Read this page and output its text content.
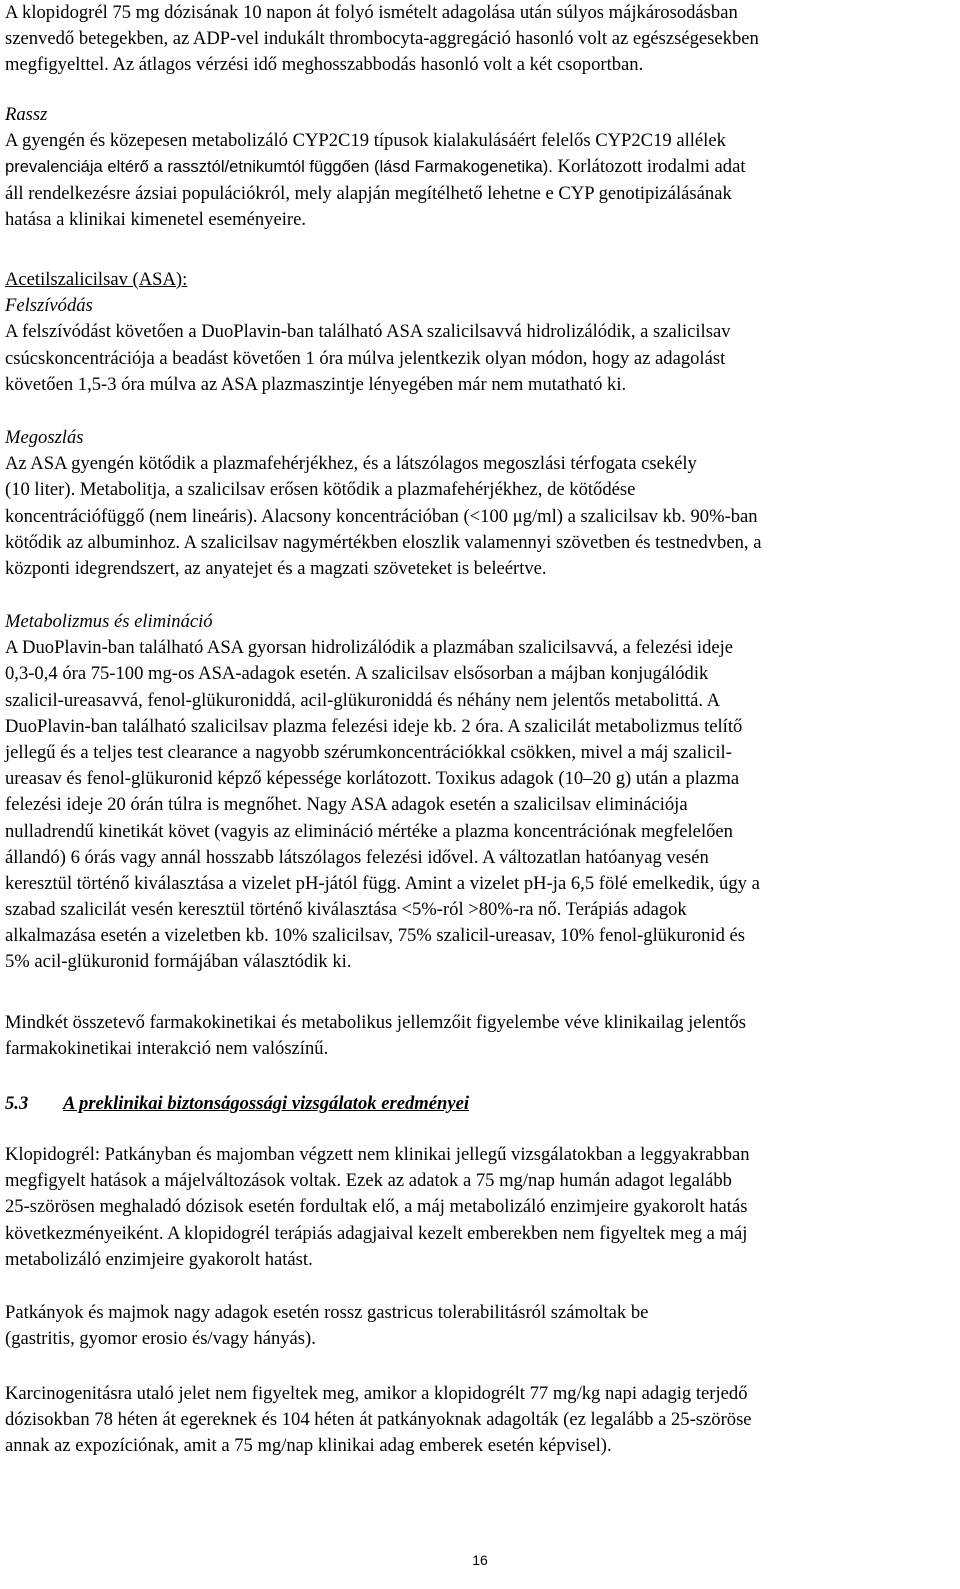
A klopidogrél 75 mg dózisának 10 napon át folyó ismételt adagolása után súlyos májkárosodásban
szenvedő betegekben, az ADP-vel indukált thrombocyta-aggregáció hasonló volt az egészségesekben
megfigyelttel. Az átlagos vérzési idő meghosszabbodás hasonló volt a két csoportban.
Rassz
A gyengén és közepesen metabolizáló CYP2C19 típusok kialakulásáért felelős CYP2C19 allélek
prevalenciája eltérő a rassztól/etnikumtól függően (lásd Farmakogenetika). Korlátozott irodalmi adat
áll rendelkezésre ázsiai populációkról, mely alapján megítélhető lehetne e CYP genotipizálásának
hatása a klinikai kimenetel eseményeire.
Acetilszalicilsav (ASA):
Felszívódás
A felszívódást követően a DuoPlavin-ban található ASA szalicilsavvá hidrolizálódik, a szalicilsav
csúcskoncentrációja a beadást követően 1 óra múlva jelentkezik olyan módon, hogy az adagolást
követően 1,5-3 óra múlva az ASA plazmaszintje lényegében már nem mutatható ki.
Megoszlás
Az ASA gyengén kötődik a plazmafehérjékhez, és a látszólagos megoszlási térfogata csekély
(10 liter). Metabolitja, a szalicilsav erősen kötődik a plazmafehérjékhez, de kötődése
koncentrációfüggő (nem lineáris). Alacsony koncentrációban (<100 μg/ml) a szalicilsav kb. 90%-ban
kötődik az albuminhoz. A szalicilsav nagymértékben eloszlik valamennyi szövetben és testnedvben, a
központi idegrendszert, az anyatejet és a magzati szöveteket is beleértve.
Metabolizmus és elimináció
A DuoPlavin-ban található ASA gyorsan hidrolizálódik a plazmában szalicilsavvá, a felezési ideje
0,3-0,4 óra 75-100 mg-os ASA-adagok esetén. A szalicilsav elsősorban a májban konjugálódik
szalicil-ureasavvá, fenol-glükuroniddá, acil-glükuroniddá és néhány nem jelentős metabolittá. A
DuoPlavin-ban található szalicilsav plazma felezési ideje kb. 2 óra. A szalicilát metabolizmus telítő
jellegű és a teljes test clearance a nagyobb szérumkoncentrációkkal csökken, mivel a máj szalicil-
ureasav és fenol-glükuronid képző képessége korlátozott. Toxikus adagok (10–20 g) után a plazma
felezési ideje 20 órán túlra is megnőhet. Nagy ASA adagok esetén a szalicilsav eliminációja
nulladrendű kinetikát követ (vagyis az elimináció mértéke a plazma koncentrációnak megfelelően
állandó) 6 órás vagy annál hosszabb látszólagos felezési idővel. A változatlan hatóanyag vesén
keresztül történő kiválasztása a vizelet pH-jától függ. Amint a vizelet pH-ja 6,5 fölé emelkedik, úgy a
szabad szalicilát vesén keresztül történő kiválasztása <5%-ról >80%-ra nő. Terápiás adagok
alkalmazása esetén a vizeletben kb. 10% szalicilsav, 75% szalicil-ureasav, 10% fenol-glükuronid és
5% acil-glükuronid formájában választódik ki.
Mindkét összetevő farmakokinetikai és metabolikus jellemzőit figyelembe véve klinikailag jelentős
farmakokinetikai interakció nem valószínű.
5.3 A preklinikai biztonságossági vizsgálatok eredményei
Klopidogrél: Patkányban és majomban végzett nem klinikai jellegű vizsgálatokban a leggyakrabban
megfigyelt hatások a májelváltozások voltak. Ezek az adatok a 75 mg/nap humán adagot legalább
25-szörösen meghaladó dózisok esetén fordultak elő, a máj metabolizáló enzimjeire gyakorolt hatás
következményeiként. A klopidogrél terápiás adagjaival kezelt emberekben nem figyeltek meg a máj
metabolizáló enzimjeire gyakorolt hatást.
Patkányok és majmok nagy adagok esetén rossz gastricus tolerabilitásról számoltak be
(gastritis, gyomor erosio és/vagy hányás).
Karcinogenitásra utaló jelet nem figyeltek meg, amikor a klopidogrélt 77 mg/kg napi adagig terjedő
dózisokban 78 héten át egereknek és 104 héten át patkányoknak adagolták (ez legalább a 25-szöröse
annak az expozíciónak, amit a 75 mg/nap klinikai adag emberek esetén képvisel).
16
